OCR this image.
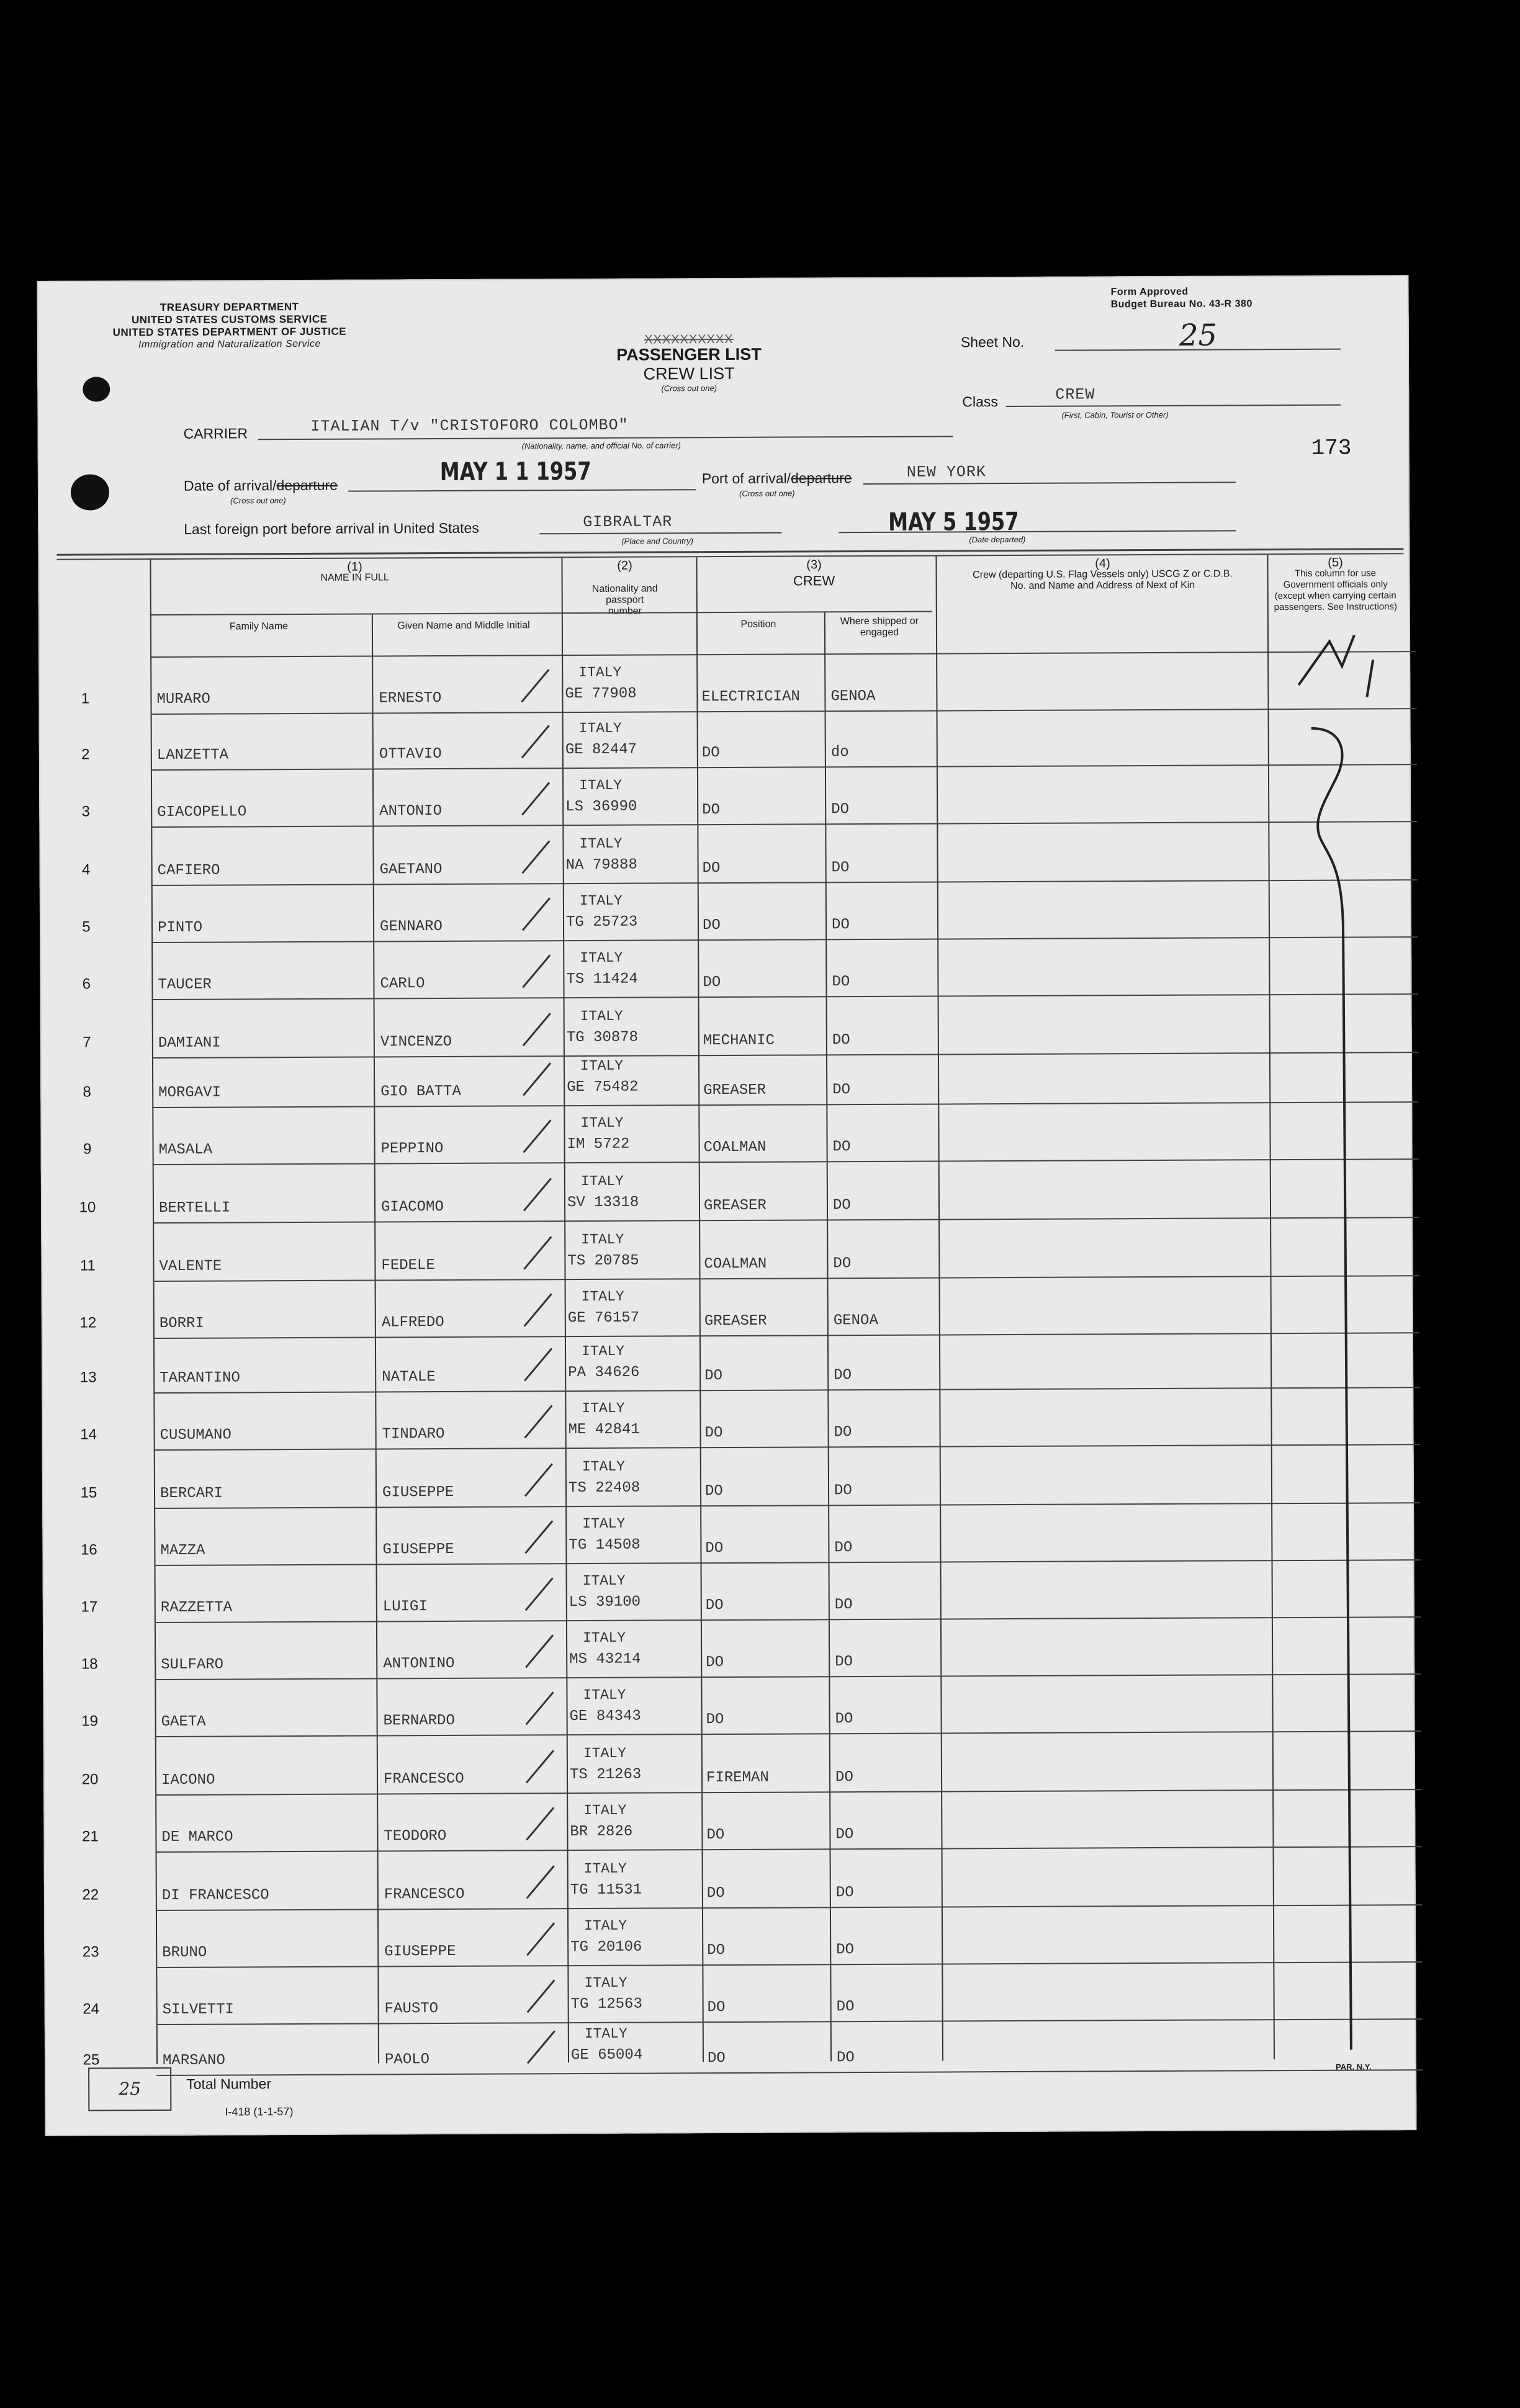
TREASURY DEPARTMENT
UNITED STATES CUSTOMS SERVICE
UNITED STATES DEPARTMENT OF JUSTICE
Immigration and Naturalization Service
Form Approved
Budget Bureau No. 43-R 380
XXXXXXXXXX
PASSENGER LIST
CREW LIST
(Cross out one)
Sheet No.	25
Class	CREW
(First, Cabin, Tourist or Other)
173
CARRIER	ITALIAN T/v "CRISTOFORO COLOMBO"
(Nationality, name, and official No. of carrier)
Date of arrival/departure	MAY 1 1 1957
(Cross out one)
Port of arrival/departure	NEW YORK
(Cross out one)
Last foreign port before arrival in United States	GIBRALTAR
(Place and Country)
MAY 5 1957
(Date departed)
(1)
NAME IN FULL
Family Name	Given Name and Middle Initial
(2)
Nationality and passport number
(3)
CREW
Position	Where shipped or engaged
(4)
Crew (departing U.S. Flag Vessels only) USCG Z or C.D.B. No. and Name and Address of Next of Kin
(5)
This column for use Government officials only (except when carrying certain passengers. See Instructions)
1	MURARO	ERNESTO
ITALY
GE 77908	ELECTRICIAN GENOA
2	LANZETTA	OTTAVIO
ITALY
GE 82447	DO	do
3	GIACOPELLO	ANTONIO
ITALY
LS 36990	DO	DO
4	CAFIERO	GAETANO
ITALY
NA 79888	DO	DO
5	PINTO	GENNARO
ITALY
TG 25723	DO	DO
6	TAUCER	CARLO
ITALY
TS 11424	DO	DO
7	DAMIANI	VINCENZO
ITALY
TG 30878	MECHANIC	DO
8	MORGAVI	GIO BATTA
ITALY
GE 75482	GREASER	DO
9	MASALA	PEPPINO
ITALY
IM 5722	COALMAN	DO
10	BERTELLI	GIACOMO
ITALY
SV 13318	GREASER	DO
11	VALENTE	FEDELE
ITALY
TS 20785	COALMAN	DO
12	BORRI	ALFREDO
ITALY
GE 76157	GREASER	GENOA
13	TARANTINO	NATALE
ITALY
PA 34626	DO	DO
14	CUSUMANO	TINDARO
ITALY
ME 42841	DO	DO
15	BERCARI	GIUSEPPE
ITALY
TS 22408	DO	DO
16	MAZZA	GIUSEPPE
ITALY
TG 14508	DO	DO
17	RAZZETTA	LUIGI
ITALY
LS 39100	DO	DO
18	SULFARO	ANTONINO
ITALY
MS 43214	DO	DO
19	GAETA	BERNARDO
ITALY
GE 84343	DO	DO
20	IACONO	FRANCESCO
ITALY
TS 21263	FIREMAN	DO
21	DE MARCO	TEODORO
ITALY
BR 2826	DO	DO
22	DI FRANCESCO	FRANCESCO
ITALY
TG 11531	DO	DO
23	BRUNO	GIUSEPPE
ITALY
TG 20106	DO	DO
24	SILVETTI	FAUSTO
ITALY
TG 12563	DO	DO
25	MARSANO	PAOLO
ITALY
GE 65004	DO	DO
25	Total Number
I-418 (1-1-57)
PAR. N.Y.
